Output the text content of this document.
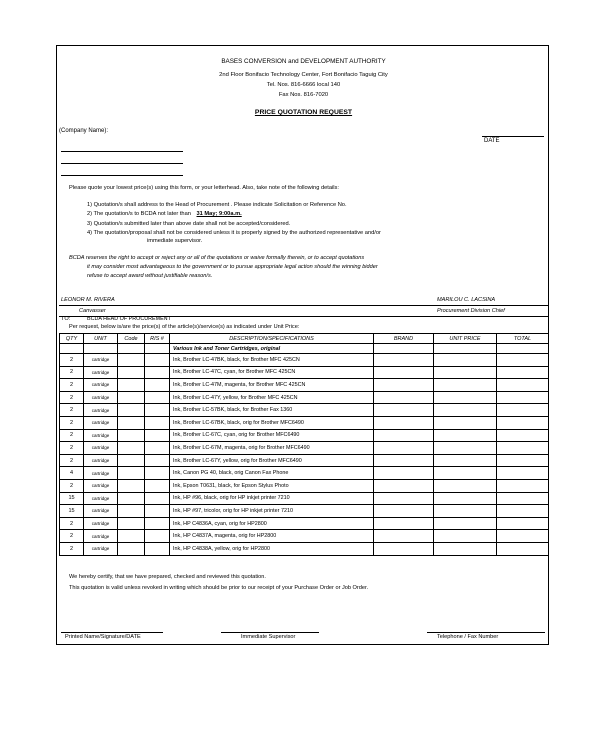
BASES CONVERSION and DEVELOPMENT AUTHORITY
2nd Floor Bonifacio Technology Center, Fort Bonifacio Taguig City
Tel. Nos. 816-6666 local 140
Fax Nos. 816-7020
PRICE QUOTATION REQUEST
(Company Name):
DATE
Please quote your lowest price(s) using this form, or your letterhead. Also, take note of the following details:
1) Quotation/s shall address to the Head of Procurement . Please indicate Solicitation or Reference No.
2) The quotation/s to BCDA not later than 31 May; 9:00a.m.
3) Quotation/s submitted later than above date shall not be accepted/considered.
4) The quotation/proposal shall not be considered unless it is properly signed by the authorized representative and/or
immediate supervisor.
BCDA reserves the right to accept or reject any or all of the quotations or waive formally therein, or to accept quotations
it may consider most advantageous to the government or to pursue appropriate legal action should the winning bidder
refuse to accept award without justifiable reason/s.
LEONOR M. RIVERA	MARILOU C. LACSINA
Canvasser	Procurement Division Chief
TO:	BCDA HEAD OF PROCUREMENT
Per request, below is/are the price(s) of the article(s)/service(s) as indicated under Unit Price:
QTY	UNIT	Code	RIS #	DESCRIPTION/SPECIFICATIONS	BRAND	UNIT PRICE	TOTAL
				Various Ink and Toner Cartridges, original			
2	cartridge			Ink, Brother LC-47BK, black, for Brother MFC 425CN			
2	cartridge			Ink, Brother LC-47C, cyan, for Brother MFC 425CN			
2	cartridge			Ink, Brother LC-47M, magenta, for Brother MFC 425CN			
2	cartridge			Ink, Brother LC-47Y, yellow, for Brother MFC 425CN			
2	cartridge			Ink, Brother LC-57BK, black, for Brother Fax 1360			
2	cartridge			Ink, Brother LC-67BK, black, orig for Brother MFC6490			
2	cartridge			Ink, Brother LC-67C, cyan, orig for Brother MFC6490			
2	cartridge			Ink, Brother LC-67M, magenta, orig for Brother MFC6490			
2	cartridge			Ink, Brother LC-67Y, yellow, orig for Brother MFC6490			
4	cartridge			Ink, Canon PG 40, black, orig Canon Fax Phone			
2	cartridge			Ink, Epson T0631, black, for Epson Stylus Photo			
15	cartridge			Ink, HP #96, black, orig for HP inkjet printer 7210			
15	cartridge			Ink, HP #97, tricolor, orig for HP inkjet printer 7210			
2	cartridge			Ink, HP C4836A, cyan, orig for HP2800			
2	cartridge			Ink, HP C4837A, magenta, orig for HP2800			
2	cartridge			Ink, HP C4838A, yellow, orig for HP2800			
We hereby certify, that we have prepared, checked and reviewed this quotation.
This quotation is valid unless revoked in writing which should be prior to our receipt of your Purchase Order or Job Order.
Printed Name/Signature/DATE	Immediate Supervisor	Telephone / Fax Number
